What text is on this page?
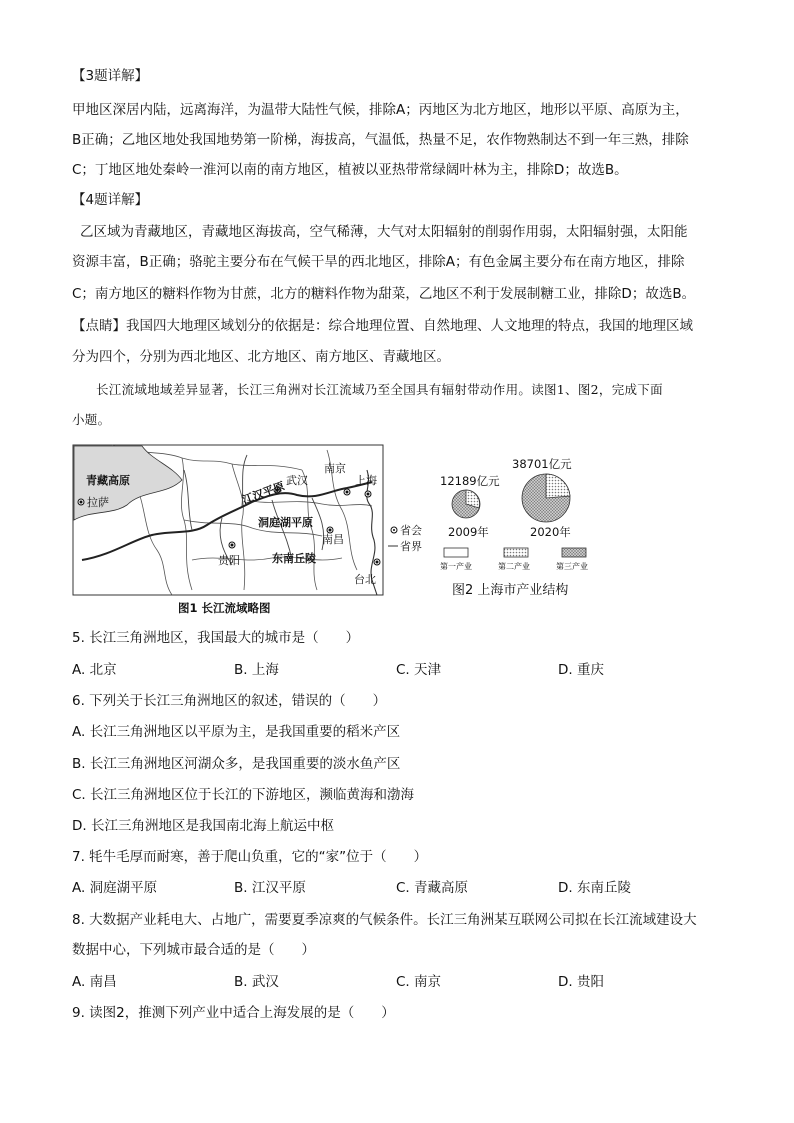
【3题详解】
甲地区深居内陆，远离海洋，为温带大陆性气候，排除A；丙地区为北方地区，地形以平原、高原为主，
B正确；乙地区地处我国地势第一阶梯，海拔高，气温低，热量不足，农作物熟制达不到一年三熟，排除
C；丁地区地处秦岭一淮河以南的南方地区，植被以亚热带常绿阔叶林为主，排除D；故选B。
【4题详解】
乙区域为青藏地区，青藏地区海拔高，空气稀薄，大气对太阳辐射的削弱作用弱，太阳辐射强，太阳能
资源丰富，B正确；骆驼主要分布在气候干旱的西北地区，排除A；有色金属主要分布在南方地区，排除
C；南方地区的糖料作物为甘蔗，北方的糖料作物为甜菜，乙地区不利于发展制糖工业，排除D；故选B。
【点睛】我国四大地理区域划分的依据是：综合地理位置、自然地理、人文地理的特点，我国的地理区域
分为四个，分别为西北地区、北方地区、南方地区、青藏地区。
长江流域地域差异显著，长江三角洲对长江流域乃至全国具有辐射带动作用。读图1、图2，完成下面
小题。
青藏高原
拉萨
武汉
南京
上海
江汉平原
洞庭湖平原
南昌
贵阳	东南丘陵
台北
省会
省界
图1 长江流域略图
12189亿元
38701亿元
2009年	2020年
第一产业	第二产业	第三产业
图2 上海市产业结构
5. 长江三角洲地区，我国最大的城市是（　　）
A. 北京	B. 上海	C. 天津	D. 重庆
6. 下列关于长江三角洲地区的叙述，错误的（　　）
A. 长江三角洲地区以平原为主，是我国重要的稻米产区
B. 长江三角洲地区河湖众多，是我国重要的淡水鱼产区
C. 长江三角洲地区位于长江的下游地区，濒临黄海和渤海
D. 长江三角洲地区是我国南北海上航运中枢
7. 牦牛毛厚而耐寒，善于爬山负重，它的“家”位于（　　）
A. 洞庭湖平原	B. 江汉平原	C. 青藏高原	D. 东南丘陵
8. 大数据产业耗电大、占地广，需要夏季凉爽的气候条件。长江三角洲某互联网公司拟在长江流域建设大
数据中心，下列城市最合适的是（　　）
A. 南昌	B. 武汉	C. 南京	D. 贵阳
9. 读图2，推测下列产业中适合上海发展的是（　　）
